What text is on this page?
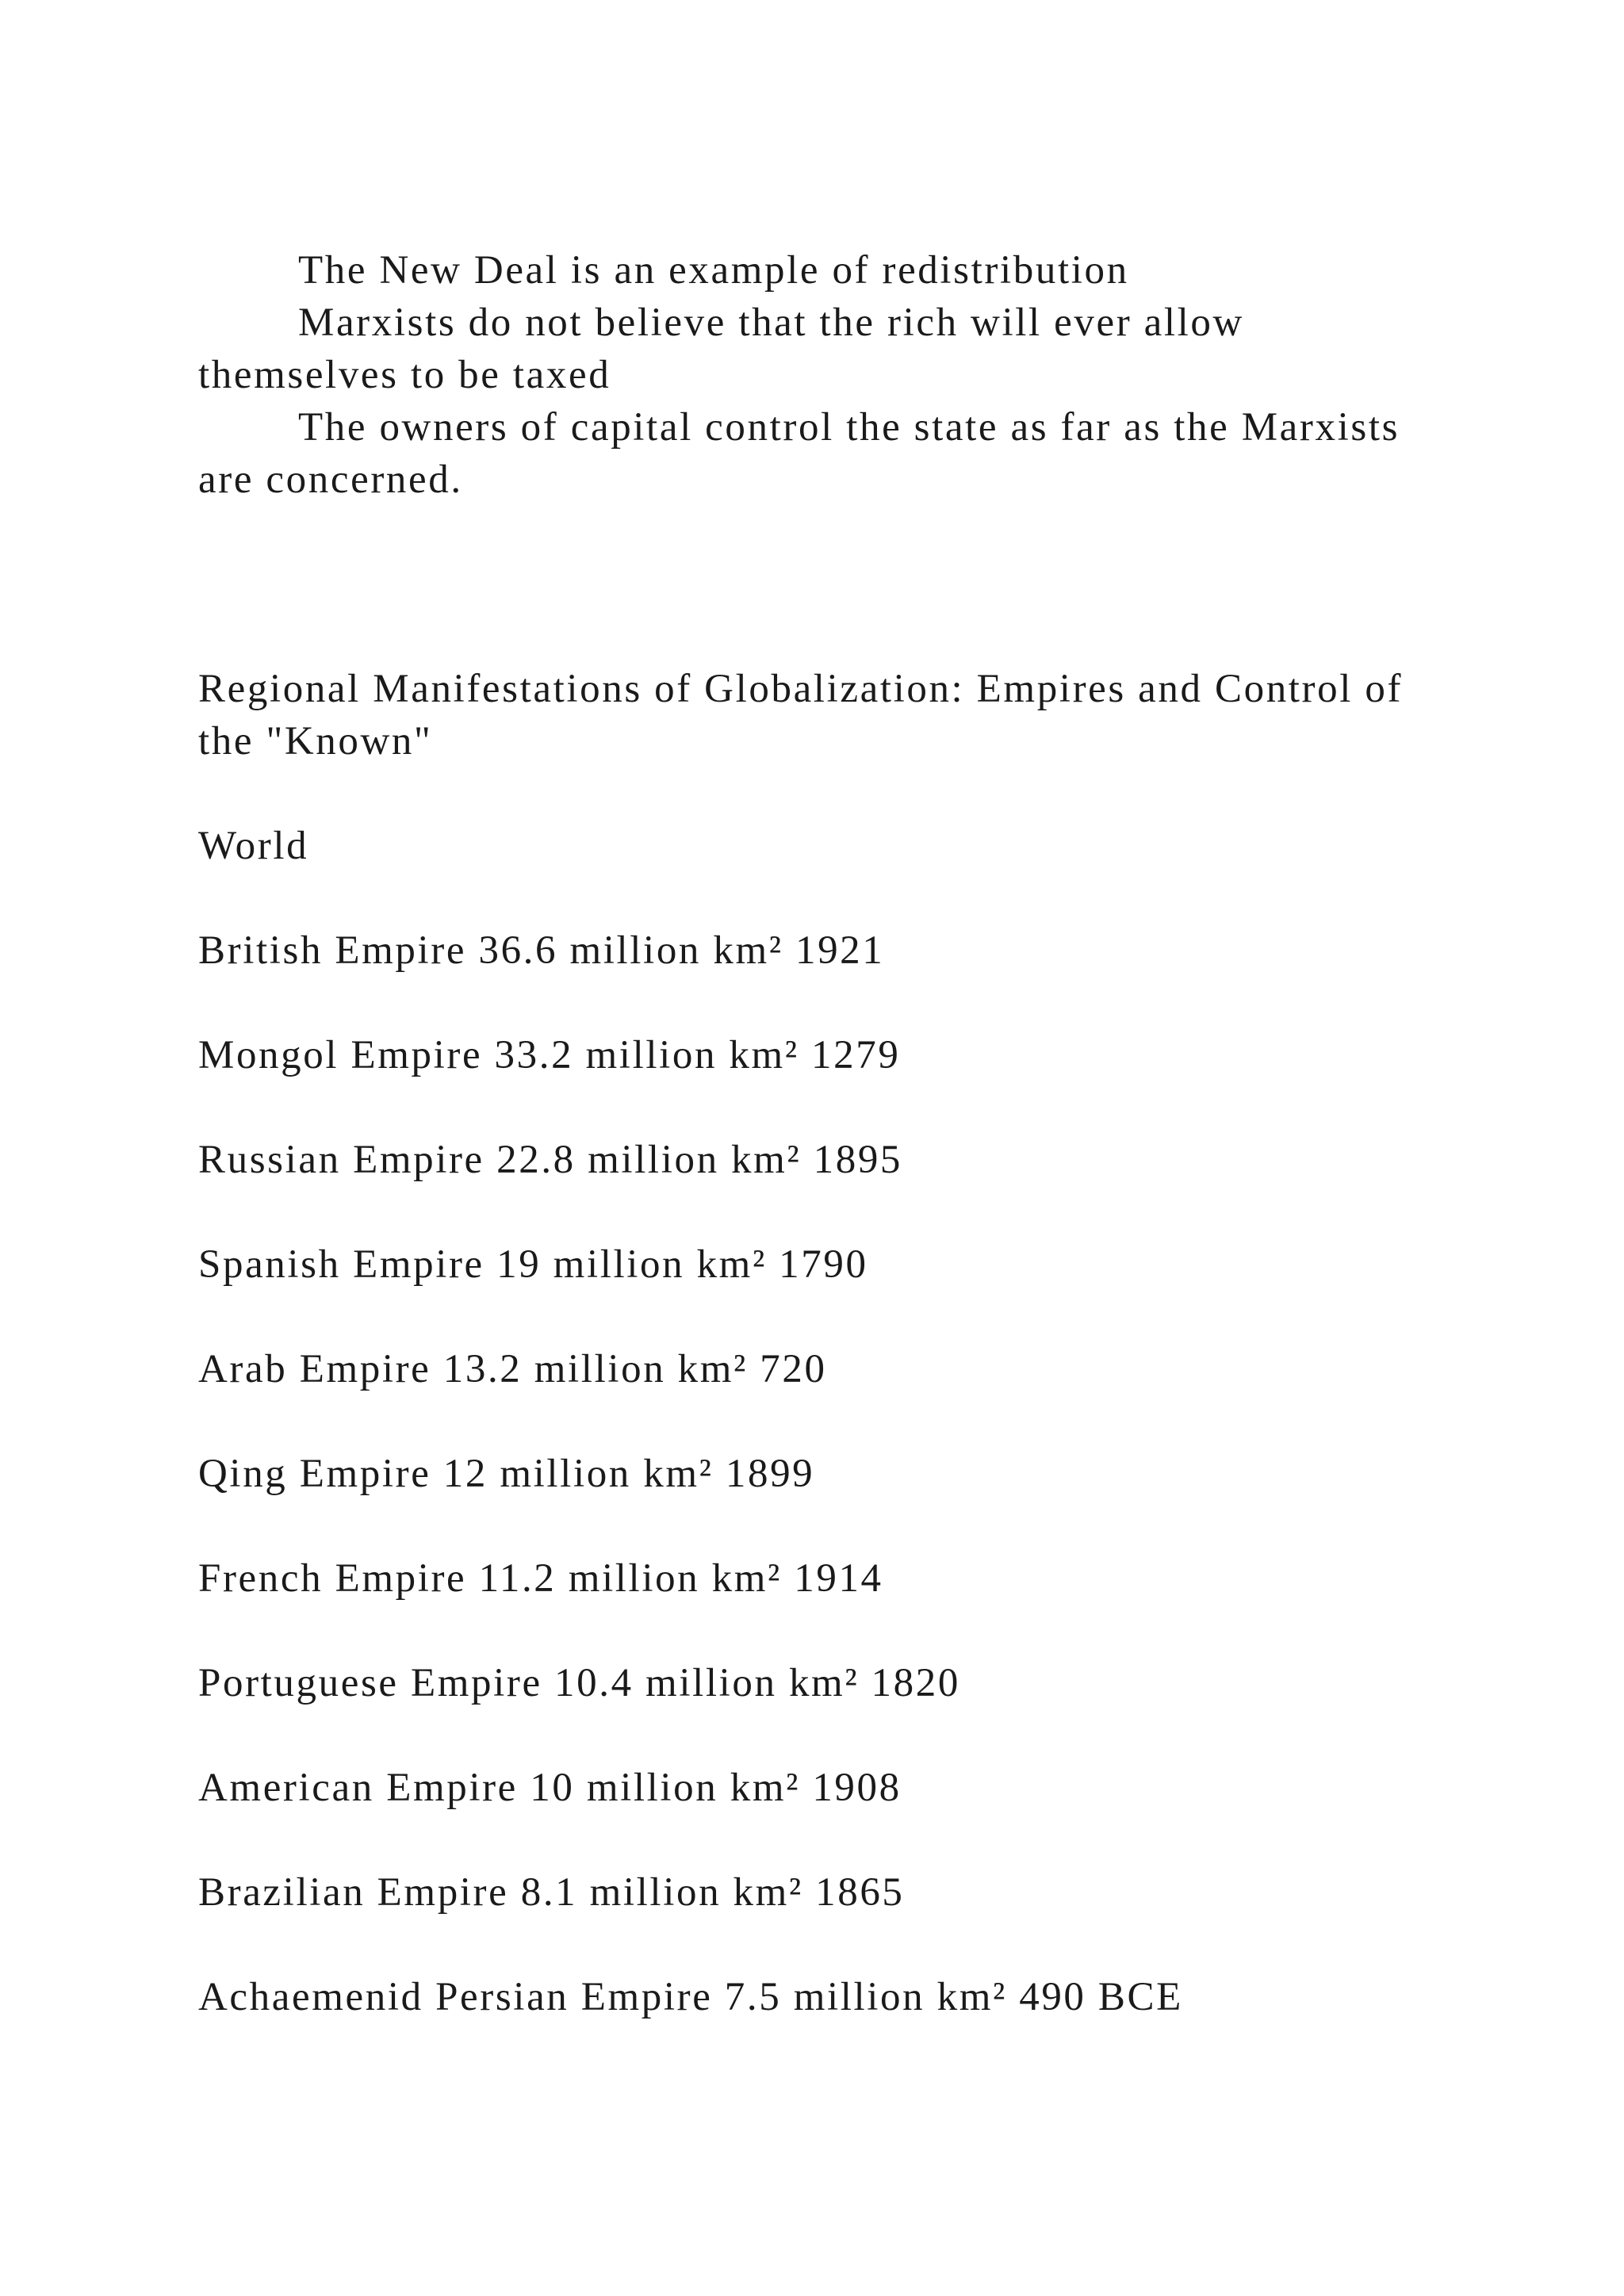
The New Deal is an example of redistribution

Marxists do not believe that the rich will ever allow themselves to be taxed

The owners of capital control the state as far as the Marxists are concerned.

Regional Manifestations of Globalization: Empires and Control of the "Known"

World

British Empire 36.6 million km² 1921

Mongol Empire 33.2 million km² 1279

Russian Empire 22.8 million km² 1895

Spanish Empire 19 million km² 1790

Arab Empire 13.2 million km² 720

Qing Empire 12 million km² 1899

French Empire 11.2 million km² 1914

Portuguese Empire 10.4 million km² 1820

American Empire 10 million km² 1908

Brazilian Empire 8.1 million km² 1865

Achaemenid Persian Empire 7.5 million km² 490 BCE
